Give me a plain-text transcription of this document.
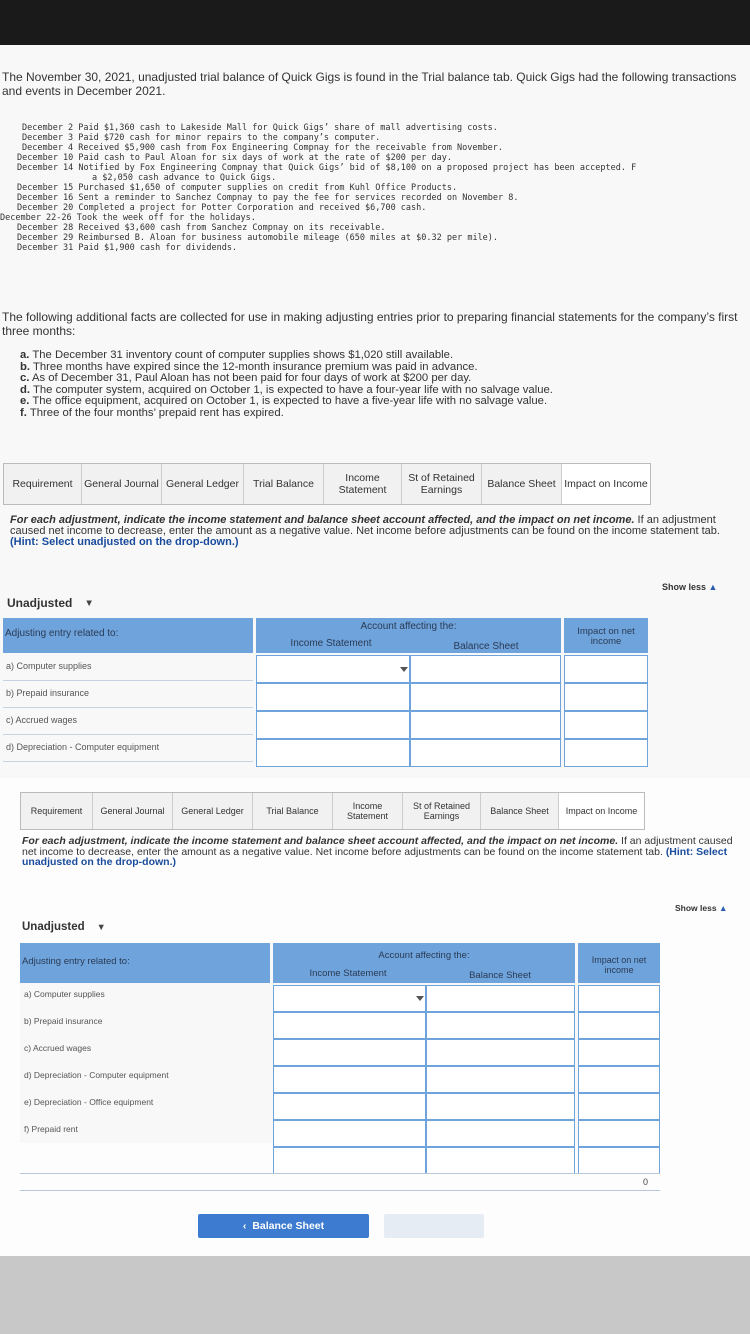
The November 30, 2021, unadjusted trial balance of Quick Gigs is found in the Trial balance tab. Quick Gigs had the following transactions and events in December 2021.
December 2 Paid $1,360 cash to Lakeside Mall for Quick Gigs’ share of mall advertising costs.
December 3 Paid $720 cash for minor repairs to the company’s computer.
December 4 Received $5,900 cash from Fox Engineering Compnay for the receivable from November.
December 10 Paid cash to Paul Aloan for six days of work at the rate of $200 per day.
December 14 Notified by Fox Engineering Compnay that Quick Gigs’ bid of $8,100 on a proposed project has been accepted. F
a $2,050 cash advance to Quick Gigs.
December 15 Purchased $1,650 of computer supplies on credit from Kuhl Office Products.
December 16 Sent a reminder to Sanchez Compnay to pay the fee for services recorded on November 8.
December 20 Completed a project for Potter Corporation and received $6,700 cash.
December 22-26 Took the week off for the holidays.
December 28 Received $3,600 cash from Sanchez Compnay on its receivable.
December 29 Reimbursed B. Aloan for business automobile mileage (650 miles at $0.32 per mile).
December 31 Paid $1,900 cash for dividends.
The following additional facts are collected for use in making adjusting entries prior to preparing financial statements for the company’s first three months:
a. The December 31 inventory count of computer supplies shows $1,020 still available.
b. Three months have expired since the 12-month insurance premium was paid in advance.
c. As of December 31, Paul Aloan has not been paid for four days of work at $200 per day.
d. The computer system, acquired on October 1, is expected to have a four-year life with no salvage value.
e. The office equipment, acquired on October 1, is expected to have a five-year life with no salvage value.
f. Three of the four months’ prepaid rent has expired.
Requirement	General Journal General Ledger	Trial Balance
Income Statement
St of Retained Earnings
Balance Sheet Impact on Income
For each adjustment, indicate the income statement and balance sheet account affected, and the impact on net income. If an adjustment caused net income to decrease, enter the amount as a negative value. Net income before adjustments can be found on the income statement tab. (Hint: Select unadjusted on the drop-down.)
Show less ▲
Unadjusted ▼
Adjusting entry related to:
Account affecting the:
Income Statement	Balance Sheet
Impact on net income
a) Computer supplies
b) Prepaid insurance
c) Accrued wages
d) Depreciation - Computer equipment
Requirement	General Journal	General Ledger	Trial Balance
Income Statement
St of Retained Earnings
Balance Sheet	Impact on Income
For each adjustment, indicate the income statement and balance sheet account affected, and the impact on net income. If an adjustment caused net income to decrease, enter the amount as a negative value. Net income before adjustments can be found on the income statement tab. (Hint: Select unadjusted on the drop-down.)
Show less ▲
Unadjusted ▼
Adjusting entry related to:
Account affecting the:
Income Statement	Balance Sheet
Impact on net income
a) Computer supplies
b) Prepaid insurance
c) Accrued wages
d) Depreciation - Computer equipment
e) Depreciation - Office equipment
f) Prepaid rent
0
‹ Balance Sheet
